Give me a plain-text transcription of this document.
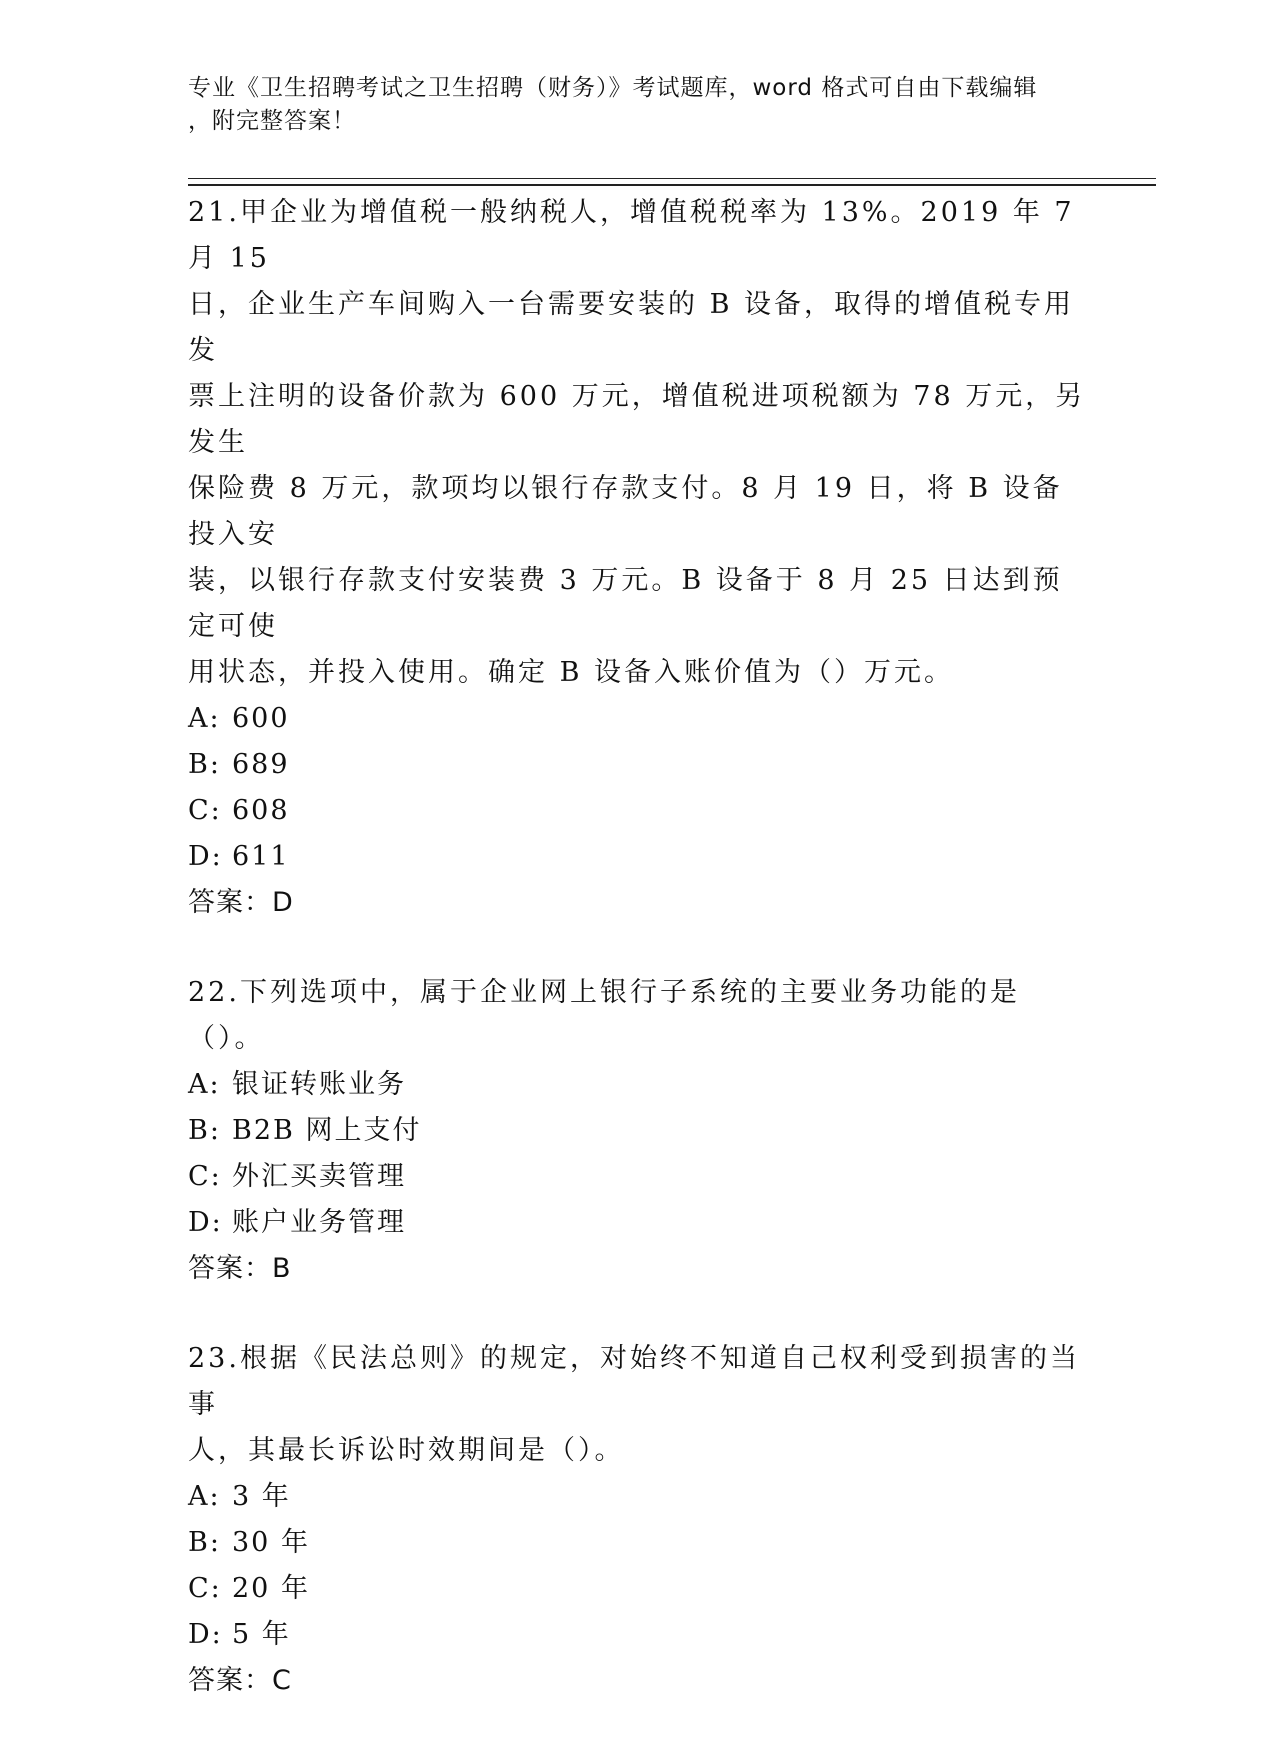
专业《卫生招聘考试之卫生招聘（财务）》考试题库，word 格式可自由下载编辑
，附完整答案！

21.甲企业为增值税一般纳税人，增值税税率为 13%。2019 年 7 月 15

日，企业生产车间购入一台需要安装的 B 设备，取得的增值税专用发

票上注明的设备价款为 600 万元，增值税进项税额为 78 万元，另发生

保险费 8 万元，款项均以银行存款支付。8 月 19 日，将 B 设备投入安

装，以银行存款支付安装费 3 万元。B 设备于 8 月 25 日达到预定可使

用状态，并投入使用。确定 B 设备入账价值为（）万元。

A: 600

B: 689

C: 608

D: 611

答案：D

22.下列选项中，属于企业网上银行子系统的主要业务功能的是（）。

A: 银证转账业务

B: B2B 网上支付

C: 外汇买卖管理

D: 账户业务管理

答案：B

23.根据《民法总则》的规定，对始终不知道自己权利受到损害的当事

人，其最长诉讼时效期间是（）。

A: 3 年

B: 30 年

C: 20 年

D: 5 年

答案：C
